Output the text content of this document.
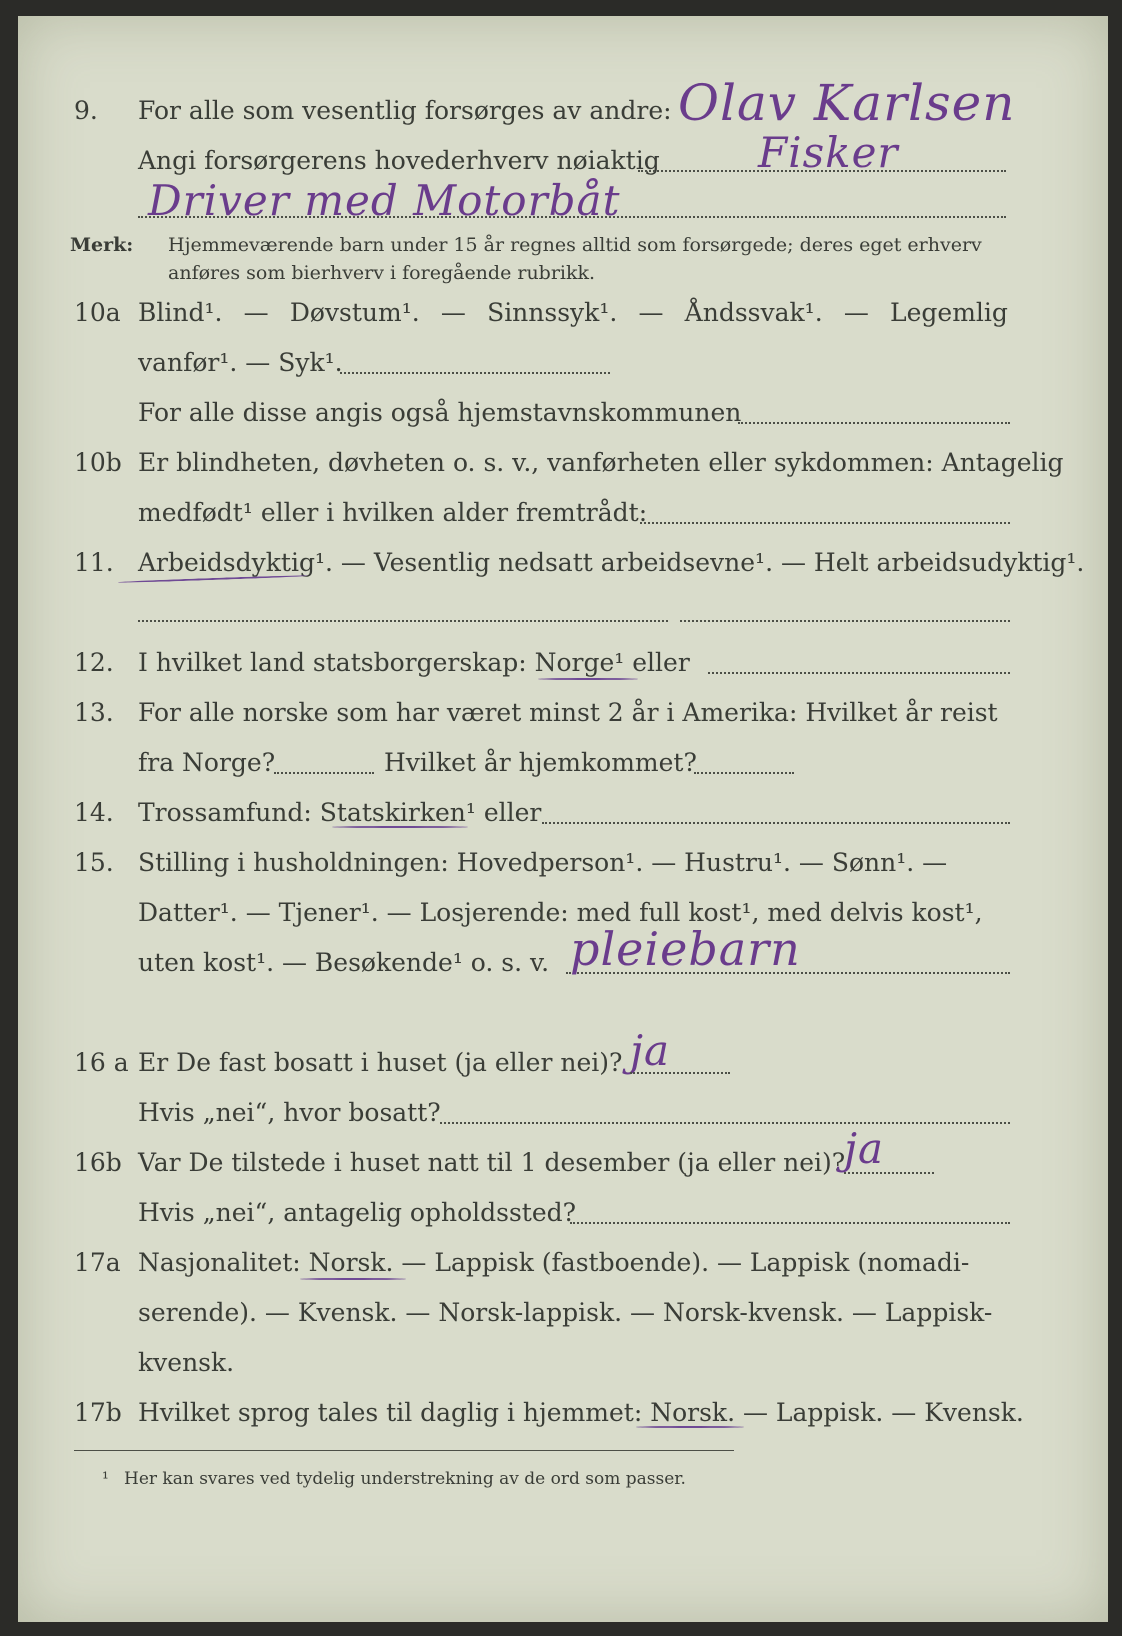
9. For alle som vesentlig forsørges av andre: Olav Karlsen
Angi forsørgerens hovederhverv nøiaktig Fisker
Driver med Motorbåt
Merk: Hjemmeværende barn under 15 år regnes alltid som forsørgede; deres eget erhverv
anføres som bierhverv i foregående rubrikk.
10a Blind¹. — Døvstum¹. — Sinnssyk¹. — Åndssvak¹. — Legemlig
vanfør¹. — Syk¹.
For alle disse angis også hjemstavnskommunen
10b Er blindheten, døvheten o. s. v., vanførheten eller sykdommen: Antagelig
medfødt¹ eller i hvilken alder fremtrådt:
11. Arbeidsdyktig¹. — Vesentlig nedsatt arbeidsevne¹. — Helt arbeidsudyktig¹.
12. I hvilket land statsborgerskap: Norge¹ eller
13. For alle norske som har været minst 2 år i Amerika: Hvilket år reist
fra Norge?	Hvilket år hjemkommet?
14. Trossamfund: Statskirken¹ eller
15. Stilling i husholdningen: Hovedperson¹. — Hustru¹. — Sønn¹. —
Datter¹. — Tjener¹. — Losjerende: med full kost¹, med delvis kost¹,
uten kost¹. — Besøkende¹ o. s. v. pleiebarn
16 a Er De fast bosatt i huset (ja eller nei)? ja
Hvis „nei“, hvor bosatt?
16b Var De tilstede i huset natt til 1 desember (ja eller nei)?
ja
Hvis „nei“, antagelig opholdssted?
17a Nasjonalitet: Norsk. — Lappisk (fastboende). — Lappisk (nomadi-
serende). — Kvensk. — Norsk-lappisk. — Norsk-kvensk. — Lappisk-
kvensk.
17b Hvilket sprog tales til daglig i hjemmet: Norsk. — Lappisk. — Kvensk.
¹ Her kan svares ved tydelig understrekning av de ord som passer.
